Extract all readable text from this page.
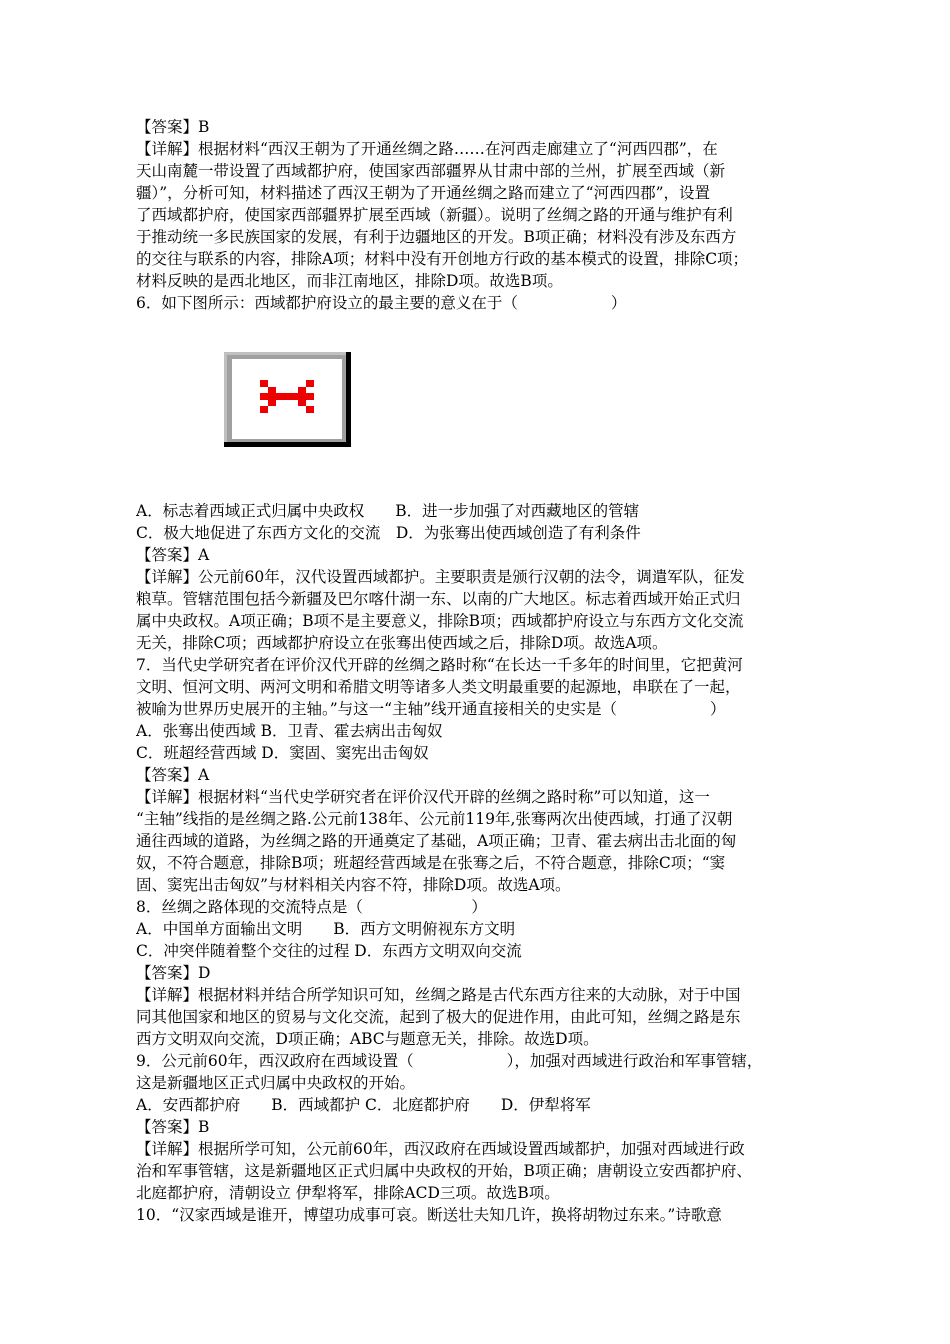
【答案】B
【详解】根据材料“西汉王朝为了开通丝绸之路……在河西走廊建立了“河西四郡”，在
天山南麓一带设置了西域都护府，使国家西部疆界从甘肃中部的兰州，扩展至西域（新
疆）”，分析可知，材料描述了西汉王朝为了开通丝绸之路而建立了“河西四郡”，设置
了西域都护府，使国家西部疆界扩展至西域（新疆）。说明了丝绸之路的开通与维护有利
于推动统一多民族国家的发展，有利于边疆地区的开发。B项正确；材料没有涉及东西方
的交往与联系的内容，排除A项；材料中没有开创地方行政的基本模式的设置，排除C项；
材料反映的是西北地区，而非江南地区，排除D项。故选B项。
6．如下图所示：西域都护府设立的最主要的意义在于（　　　　　　）
A．标志着西域正式归属中央政权　　B．进一步加强了对西藏地区的管辖
C．极大地促进了东西方文化的交流　D．为张骞出使西域创造了有利条件
【答案】A
【详解】公元前60年，汉代设置西域都护。主要职责是颁行汉朝的法令，调遣军队，征发
粮草。管辖范围包括今新疆及巴尔喀什湖一东、以南的广大地区。标志着西域开始正式归
属中央政权。A项正确；B项不是主要意义，排除B项；西域都护府设立与东西方文化交流
无关，排除C项；西域都护府设立在张骞出使西域之后，排除D项。故选A项。
7．当代史学研究者在评价汉代开辟的丝绸之路时称“在长达一千多年的时间里，它把黄河
文明、恒河文明、两河文明和希腊文明等诸多人类文明最重要的起源地，串联在了一起，
被喻为世界历史展开的主轴。”与这一“主轴”线开通直接相关的史实是（　　　　　　）
A．张骞出使西域 B．卫青、霍去病出击匈奴
C．班超经营西域 D．窦固、窦宪出击匈奴
【答案】A
【详解】根据材料“当代史学研究者在评价汉代开辟的丝绸之路时称”可以知道，这一
“主轴”线指的是丝绸之路.公元前138年、公元前119年,张骞两次出使西域，打通了汉朝
通往西域的道路，为丝绸之路的开通奠定了基础，A项正确；卫青、霍去病出击北面的匈
奴，不符合题意，排除B项；班超经营西域是在张骞之后，不符合题意，排除C项；“窦
固、窦宪出击匈奴”与材料相关内容不符，排除D项。故选A项。
8．丝绸之路体现的交流特点是（　　　　　　　）
A．中国单方面输出文明　　B．西方文明俯视东方文明
C．冲突伴随着整个交往的过程 D．东西方文明双向交流
【答案】D
【详解】根据材料并结合所学知识可知，丝绸之路是古代东西方往来的大动脉，对于中国
同其他国家和地区的贸易与文化交流，起到了极大的促进作用，由此可知，丝绸之路是东
西方文明双向交流，D项正确；ABC与题意无关，排除。故选D项。
9．公元前60年，西汉政府在西域设置（　　　　　　），加强对西域进行政治和军事管辖，
这是新疆地区正式归属中央政权的开始。
A．安西都护府　　B．西域都护 C．北庭都护府　　D．伊犁将军
【答案】B
【详解】根据所学可知，公元前60年，西汉政府在西域设置西域都护，加强对西域进行政
治和军事管辖，这是新疆地区正式归属中央政权的开始，B项正确；唐朝设立安西都护府、
北庭都护府，清朝设立 伊犁将军，排除ACD三项。故选B项。
10．“汉家西域是谁开，博望功成事可哀。断送壮夫知几许，换将胡物过东来。”诗歌意
